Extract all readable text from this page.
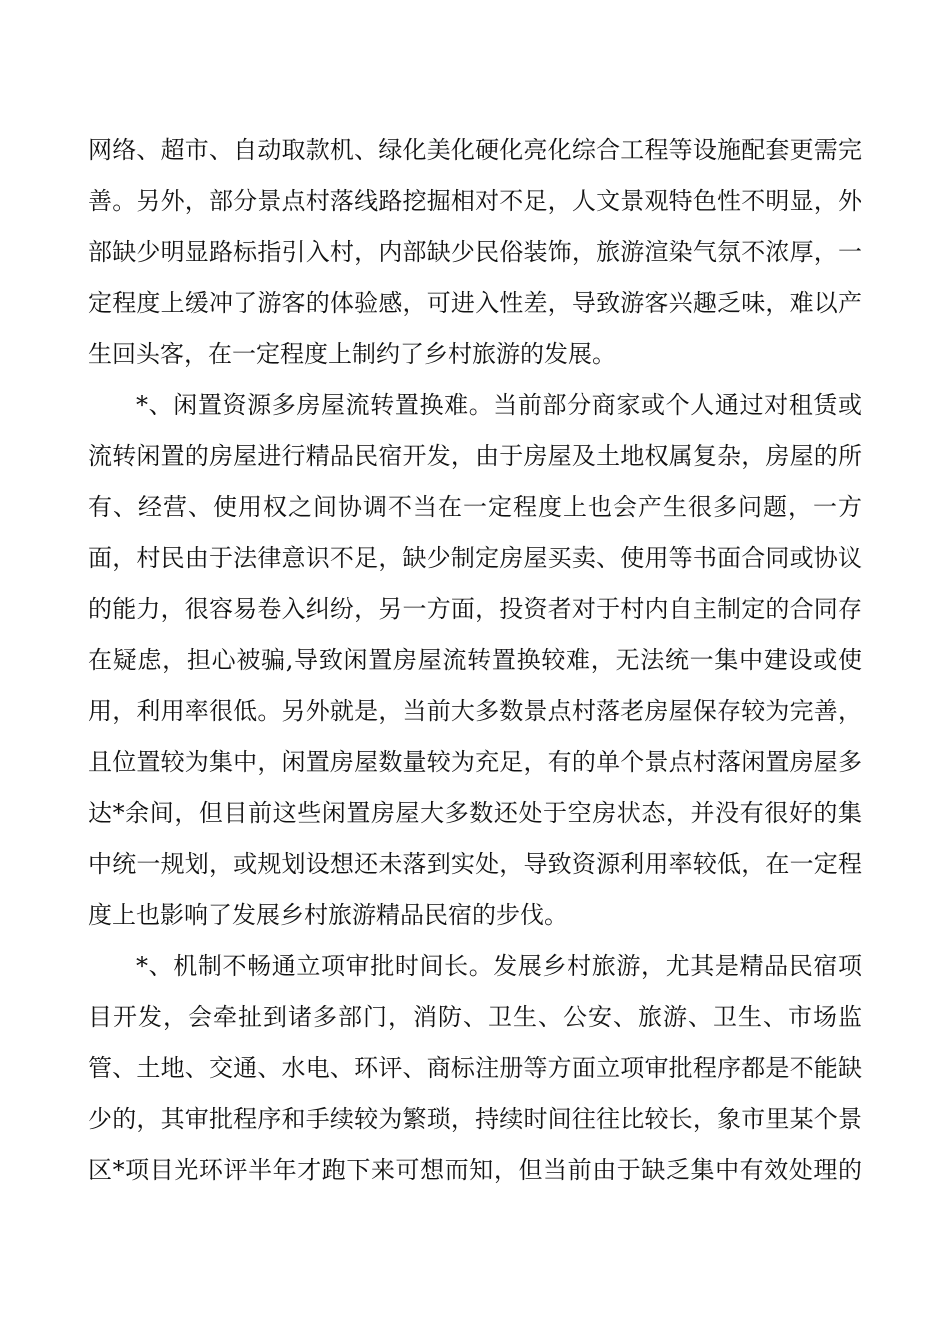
网络、超市、自动取款机、绿化美化硬化亮化综合工程等设施配套更需完
善。另外，部分景点村落线路挖掘相对不足，人文景观特色性不明显，外
部缺少明显路标指引入村，内部缺少民俗装饰，旅游渲染气氛不浓厚，一
定程度上缓冲了游客的体验感，可进入性差，导致游客兴趣乏味，难以产
生回头客，在一定程度上制约了乡村旅游的发展。
*、闲置资源多房屋流转置换难。当前部分商家或个人通过对租赁或
流转闲置的房屋进行精品民宿开发，由于房屋及土地权属复杂，房屋的所
有、经营、使用权之间协调不当在一定程度上也会产生很多问题，一方
面，村民由于法律意识不足，缺少制定房屋买卖、使用等书面合同或协议
的能力，很容易卷入纠纷，另一方面，投资者对于村内自主制定的合同存
在疑虑，担心被骗,导致闲置房屋流转置换较难，无法统一集中建设或使
用，利用率很低。另外就是，当前大多数景点村落老房屋保存较为完善，
且位置较为集中，闲置房屋数量较为充足，有的单个景点村落闲置房屋多
达*余间，但目前这些闲置房屋大多数还处于空房状态，并没有很好的集
中统一规划，或规划设想还未落到实处，导致资源利用率较低，在一定程
度上也影响了发展乡村旅游精品民宿的步伐。
*、机制不畅通立项审批时间长。发展乡村旅游，尤其是精品民宿项
目开发，会牵扯到诸多部门，消防、卫生、公安、旅游、卫生、市场监
管、土地、交通、水电、环评、商标注册等方面立项审批程序都是不能缺
少的，其审批程序和手续较为繁琐，持续时间往往比较长，象市里某个景
区*项目光环评半年才跑下来可想而知，但当前由于缺乏集中有效处理的
